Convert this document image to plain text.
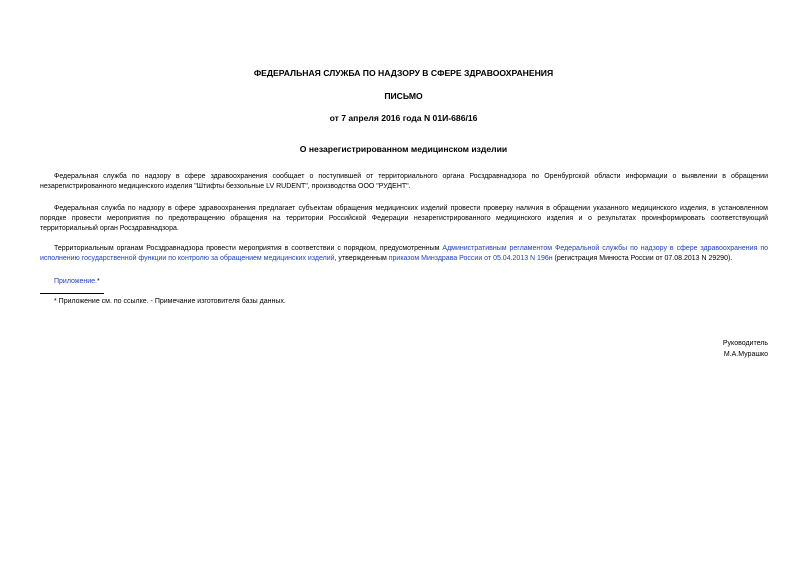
ФЕДЕРАЛЬНАЯ СЛУЖБА ПО НАДЗОРУ В СФЕРЕ ЗДРАВООХРАНЕНИЯ
ПИСЬМО
от 7 апреля 2016 года N 01И-686/16
О незарегистрированном медицинском изделии
Федеральная служба по надзору в сфере здравоохранения сообщает о поступившей от территориального органа Росздравнадзора по Оренбургской области информации о выявлении в обращении незарегистрированного медицинского изделия "Штифты беззольные LV RUDENT", производства ООО "РУДЕНТ".
Федеральная служба по надзору в сфере здравоохранения предлагает субъектам обращения медицинских изделий провести проверку наличия в обращении указанного медицинского изделия, в установленном порядке провести мероприятия по предотвращению обращения на территории Российской Федерации незарегистрированного медицинского изделия и о результатах проинформировать соответствующий территориальный орган Росздравнадзора.
Территориальным органам Росздравнадзора провести мероприятия в соответствии с порядком, предусмотренным Административным регламентом Федеральной службы по надзору в сфере здравоохранения по исполнению государственной функции по контролю за обращением медицинских изделий, утвержденным приказом Минздрава России от 05.04.2013 N 196н (регистрация Минюста России от 07.08.2013 N 29290).
Приложение.*
* Приложение см. по ссылке. - Примечание изготовителя базы данных.
Руководитель
М.А.Мурашко
